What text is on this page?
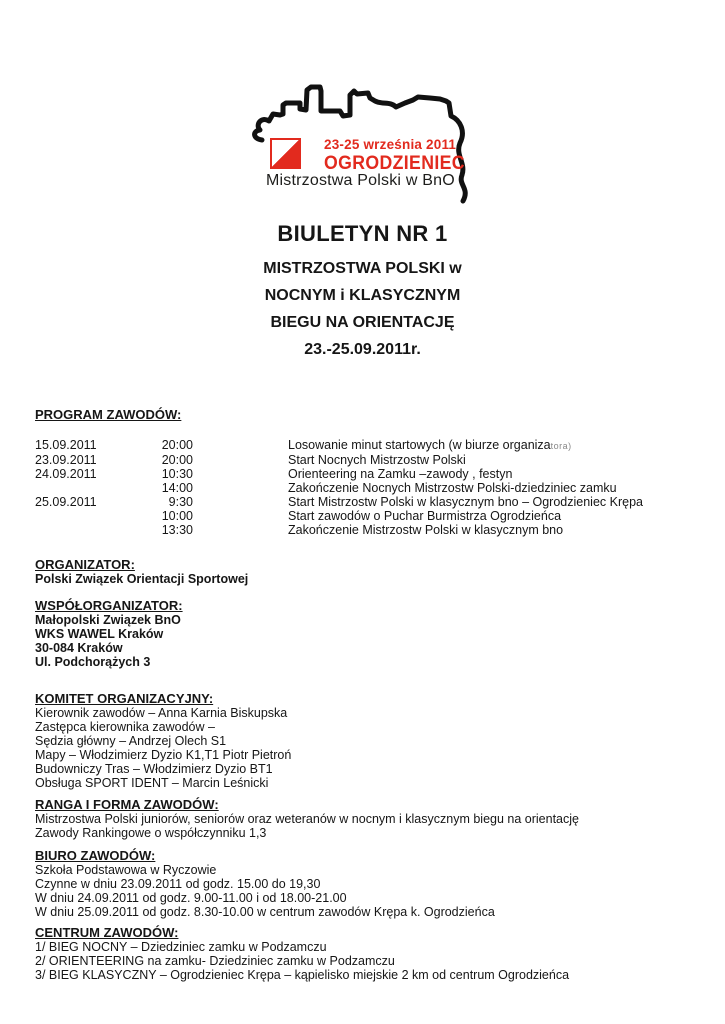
23-25 września 2011
OGRODZIENIEC
Mistrzostwa Polski w BnO
BIULETYN NR 1
MISTRZOSTWA POLSKI w
NOCNYM i KLASYCZNYM
BIEGU NA ORIENTACJĘ
23.-25.09.2011r.
PROGRAM ZAWODÓW:
15.09.2011	20:00	Losowanie minut startowych (w biurze organizatora)
23.09.2011	20:00	Start Nocnych Mistrzostw Polski
24.09.2011	10:30	Orienteering na Zamku –zawody , festyn
14:00	Zakończenie Nocnych Mistrzostw Polski-dziedziniec zamku
25.09.2011	9:30	Start Mistrzostw Polski w klasycznym bno – Ogrodzieniec Krępa
10:00	Start zawodów o Puchar Burmistrza Ogrodzieńca
13:30	Zakończenie Mistrzostw Polski w klasycznym bno
ORGANIZATOR:
Polski Związek Orientacji Sportowej
WSPÓŁORGANIZATOR:
Małopolski Związek BnO
WKS WAWEL Kraków
30-084 Kraków
Ul. Podchorążych 3
KOMITET ORGANIZACYJNY:
Kierownik zawodów – Anna Karnia Biskupska
Zastępca kierownika zawodów –
Sędzia główny – Andrzej Olech S1
Mapy – Włodzimierz Dyzio K1,T1 Piotr Pietroń
Budowniczy Tras – Włodzimierz Dyzio BT1
Obsługa SPORT IDENT – Marcin Leśnicki
RANGA I FORMA ZAWODÓW:
Mistrzostwa Polski juniorów, seniorów oraz weteranów w nocnym i klasycznym biegu na orientację
Zawody Rankingowe o współczynniku 1,3
BIURO ZAWODÓW:
Szkoła Podstawowa w Ryczowie
Czynne w dniu 23.09.2011 od godz. 15.00 do 19,30
W dniu 24.09.2011 od godz. 9.00-11.00 i od 18.00-21.00
W dniu 25.09.2011 od godz. 8.30-10.00 w centrum zawodów Krępa k. Ogrodzieńca
CENTRUM ZAWODÓW:
1/ BIEG NOCNY – Dziedziniec zamku w Podzamczu
2/ ORIENTEERING na zamku- Dziedziniec zamku w Podzamczu
3/ BIEG KLASYCZNY – Ogrodzieniec Krępa – kąpielisko miejskie 2 km od centrum Ogrodzieńca
